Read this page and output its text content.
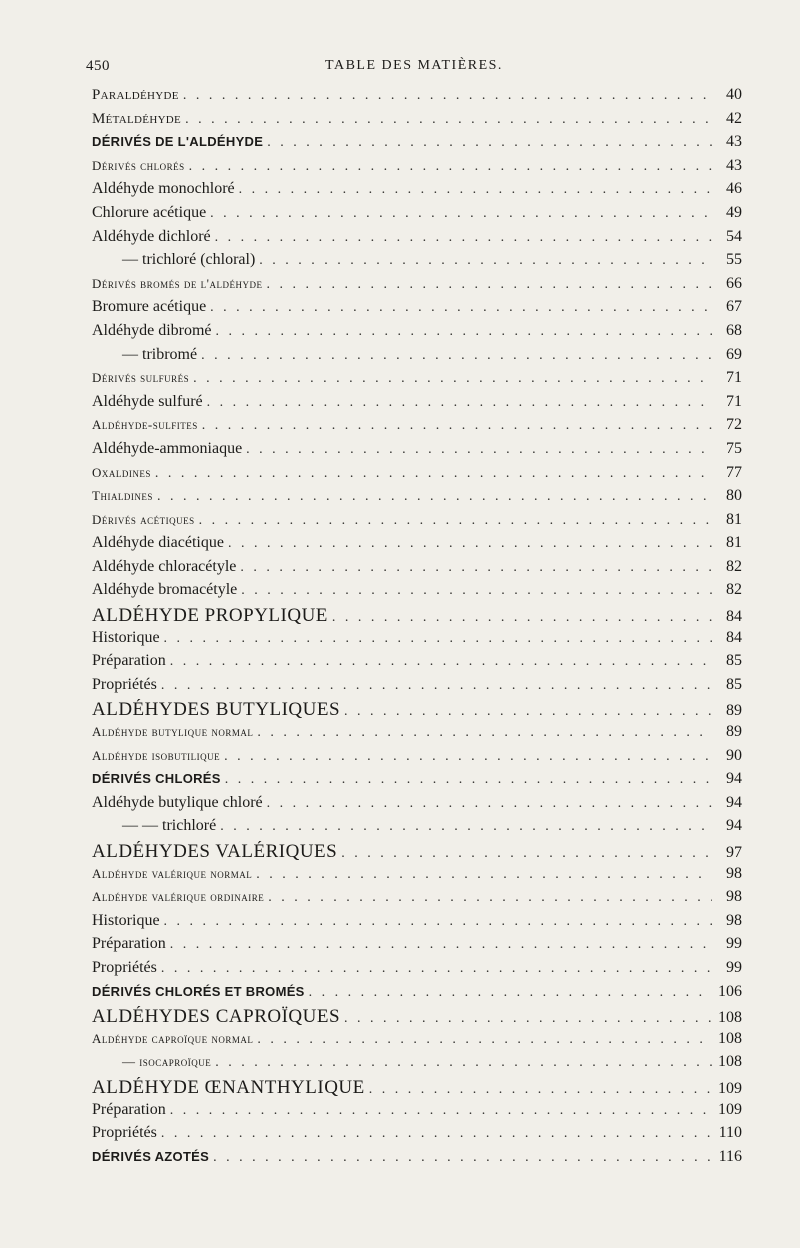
450	TABLE DES MATIÈRES.
Paraldéhyde . . .	40
Métaldéhyde . . .	42
DÉRIVÉS DE L'ALDÉHYDE . . .	43
Dérivés chlorés . . .	43
Aldéhyde monochloré . . .	46
Chlorure acétique . . .	49
Aldéhyde dichloré . . .	54
— trichloré (chloral) . . .	55
Dérivés bromés de l'aldéhyde . . .	66
Bromure acétique . . .	67
Aldéhyde dibromé . . .	68
— tribromé . . .	69
Dérivés sulfurés . . .	71
Aldéhyde sulfuré . . .	71
Aldéhyde-sulfites . . .	72
Aldéhyde-ammoniaque . . .	75
Oxaldines . . .	77
Thialdines . . .	80
Dérivés acétiques . . .	81
Aldéhyde diacétique . . .	81
Aldéhyde chloracétyle . . .	82
Aldéhyde bromacétyle . . .	82
ALDÉHYDE PROPYLIQUE . . .	84
Historique . . .	84
Préparation . . .	85
Propriétés . . .	85
ALDÉHYDES BUTYLIQUES . . .	89
Aldéhyde butylique normal . . .	89
Aldéhyde isobutilique . . .	90
DÉRIVÉS CHLORÉS . . .	94
Aldéhyde butylique chloré . . .	94
— — trichloré . . .	94
ALDÉHYDES VALÉRIQUES . . .	97
Aldéhyde valérique normal . . .	98
Aldéhyde valérique ordinaire . . .	98
Historique . . .	98
Préparation . . .	99
Propriétés . . .	99
DÉRIVÉS CHLORÉS ET BROMÉS . . .	106
ALDÉHYDES CAPROÏQUES . . .	108
Aldéhyde caproïque normal . . .	108
— isocaproïque . . .	108
ALDÉHYDE ŒNANTHYLIQUE . . .	109
Préparation . . .	109
Propriétés . . .	110
DÉRIVÉS AZOTÉS . . .	116
